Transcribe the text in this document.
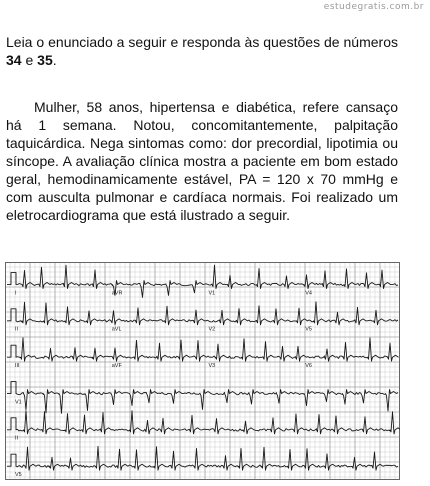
estudegratis.com.br

Leia o enunciado a seguir e responda às questões de números 34 e 35.

Mulher, 58 anos, hipertensa e diabética, refere cansaço há 1 semana. Notou, concomitantemente, palpitação taquicárdica. Nega sintomas como: dor precordial, lipotimia ou síncope. A avaliação clínica mostra a paciente em bom estado geral, hemodinamicamente estável, PA = 120 x 70 mmHg e com ausculta pulmonar e cardíaca normais. Foi realizado um eletrocardiograma que está ilustrado a seguir.

I	aVR	V1	V4
II	aVL	V2	V5
III	aVF	V3	V6
V1
II
V5
